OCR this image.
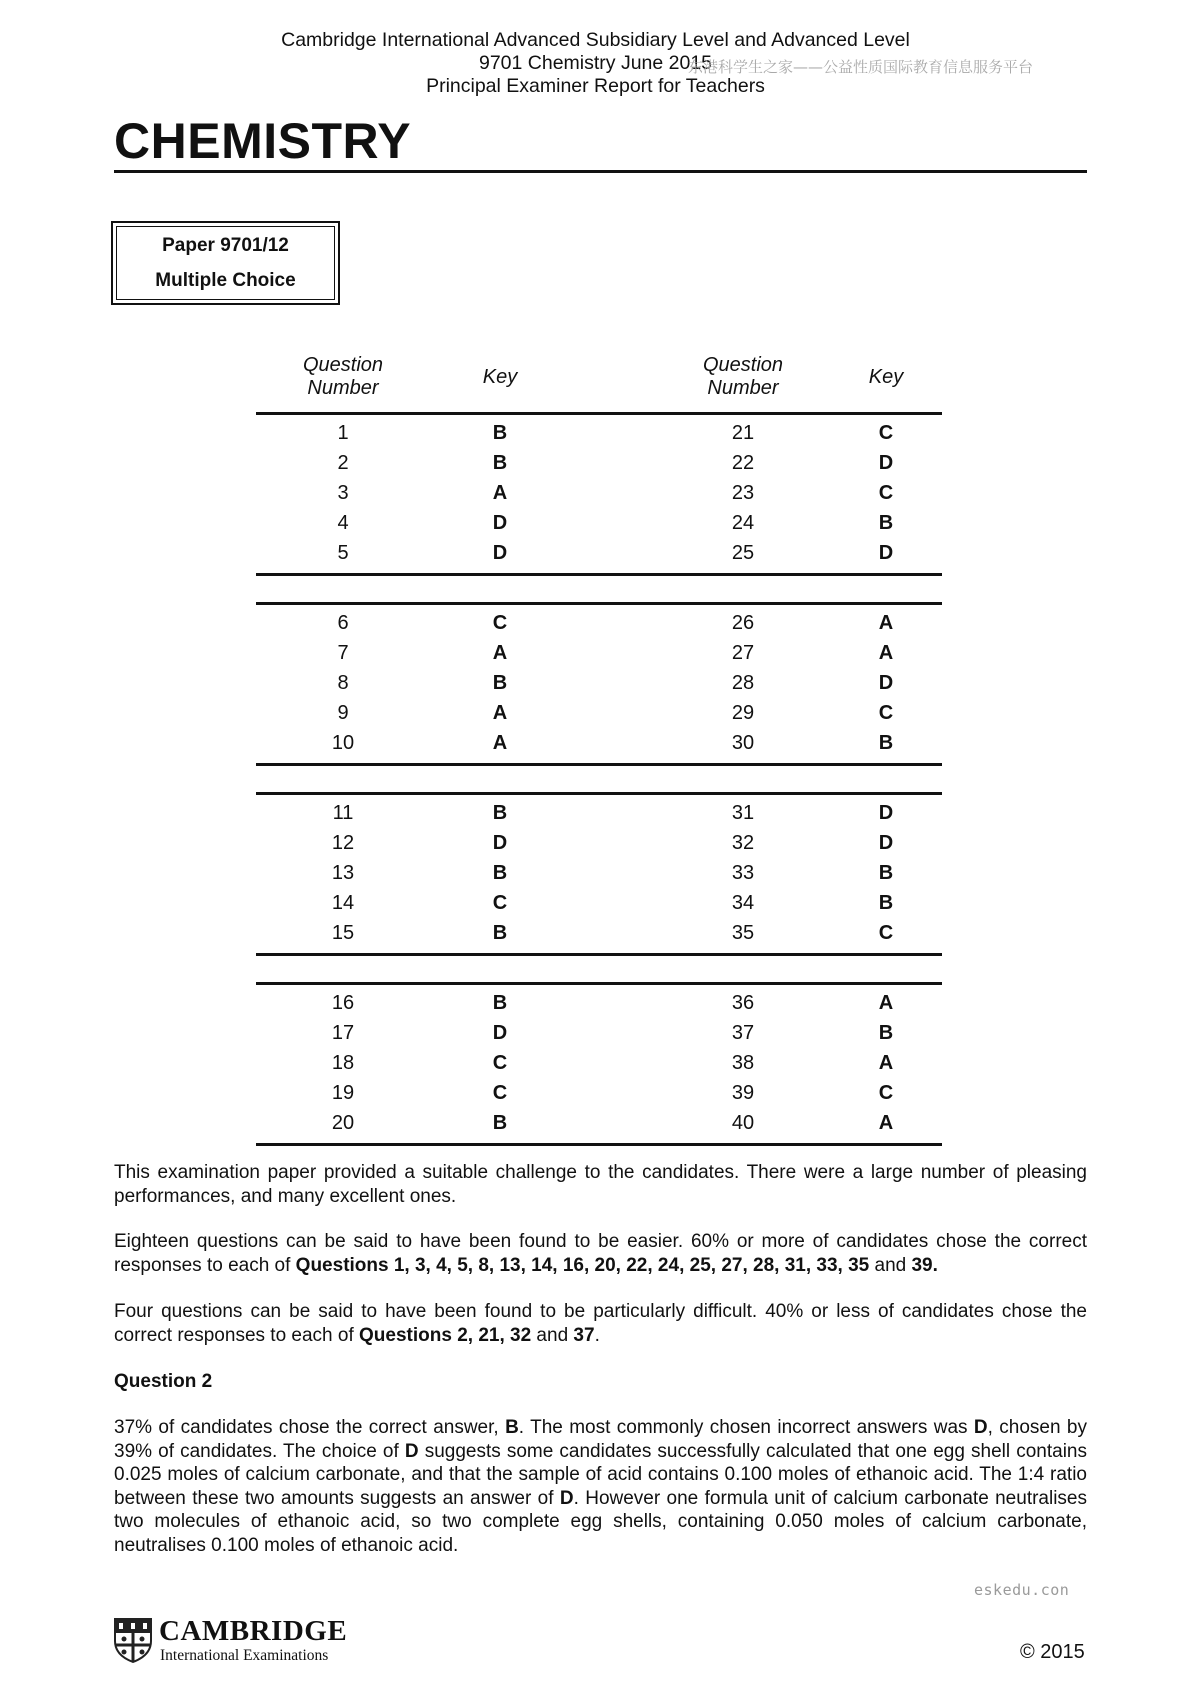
Cambridge International Advanced Subsidiary Level and Advanced Level
9701 Chemistry June 2015
Principal Examiner Report for Teachers
东港科学生之家——公益性质国际教育信息服务平台
CHEMISTRY
Paper 9701/12
Multiple Choice
Question
Number	Key
Question
Number	Key
1	B	21	C
2	B	22	D
3	A	23	C
4	D	24	B
5	D	25	D
6	C	26	A
7	A	27	A
8	B	28	D
9	A	29	C
10	A	30	B
11	B	31	D
12	D	32	D
13	B	33	B
14	C	34	B
15	B	35	C
16	B	36	A
17	D	37	B
18	C	38	A
19	C	39	C
20	B	40	A
This examination paper provided a suitable challenge to the candidates. There were a large number of pleasing performances, and many excellent ones.
Eighteen questions can be said to have been found to be easier. 60% or more of candidates chose the correct responses to each of Questions 1, 3, 4, 5, 8, 13, 14, 16, 20, 22, 24, 25, 27, 28, 31, 33, 35 and 39.
Four questions can be said to have been found to be particularly difficult. 40% or less of candidates chose the correct responses to each of Questions 2, 21, 32 and 37.
Question 2
37% of candidates chose the correct answer, B. The most commonly chosen incorrect answers was D, chosen by 39% of candidates. The choice of D suggests some candidates successfully calculated that one egg shell contains 0.025 moles of calcium carbonate, and that the sample of acid contains 0.100 moles of ethanoic acid. The 1:4 ratio between these two amounts suggests an answer of D. However one formula unit of calcium carbonate neutralises two molecules of ethanoic acid, so two complete egg shells, containing 0.050 moles of calcium carbonate, neutralises 0.100 moles of ethanoic acid.
eskedu.con
CAMBRIDGE
International Examinations	© 2015
